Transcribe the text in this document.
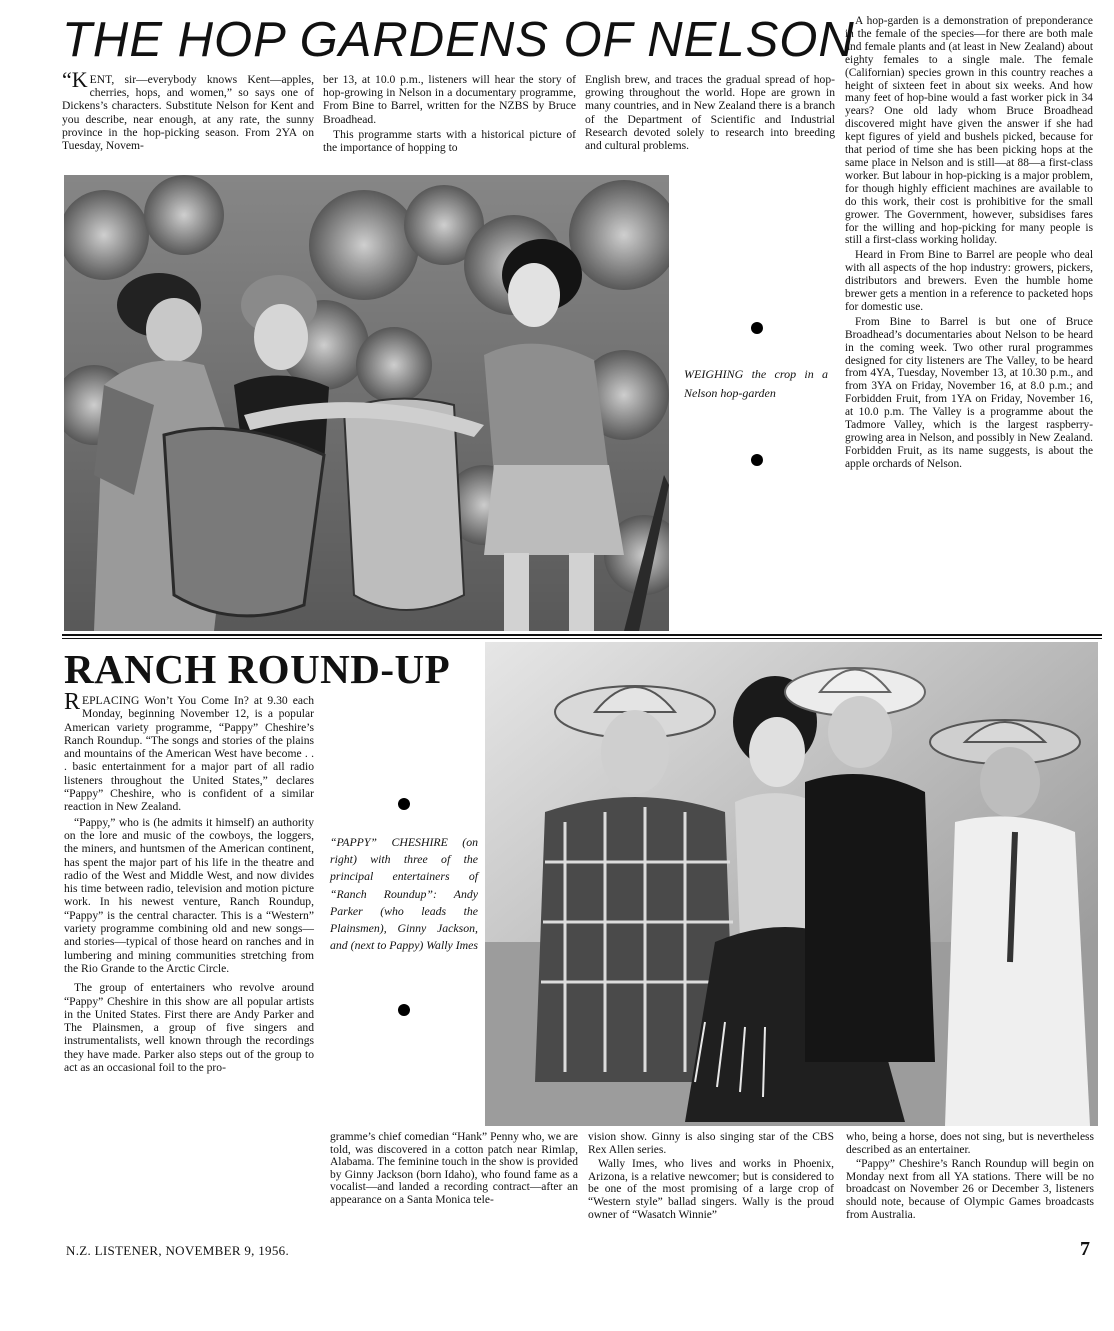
THE HOP GARDENS OF NELSON

“KENT, sir—everybody knows Kent—apples, cherries, hops, and women,” so says one of Dickens’s characters. Substitute Nelson for Kent and you describe, near enough, at any rate, the sunny province in the hop-picking season. From 2YA on Tuesday, Novem-

ber 13, at 10.0 p.m., listeners will hear the story of hop-growing in Nelson in a documentary programme, From Bine to Barrel, written for the NZBS by Bruce Broadhead.

This programme starts with a historical picture of the importance of hopping to

English brew, and traces the gradual spread of hop-growing throughout the world. Hope are grown in many countries, and in New Zealand there is a branch of the Department of Scientific and Industrial Research devoted solely to research into breeding and cultural problems.

A hop-garden is a demonstration of preponderance in the female of the species—for there are both male and female plants and (at least in New Zealand) about eighty females to a single male. The female (Californian) species grown in this country reaches a height of sixteen feet in about six weeks. And how many feet of hop-bine would a fast worker pick in 34 years? One old lady whom Bruce Broadhead discovered might have given the answer if she had kept figures of yield and bushels picked, because for that period of time she has been picking hops at the same place in Nelson and is still—at 88—a first-class worker. But labour in hop-picking is a major problem, for though highly efficient machines are available to do this work, their cost is prohibitive for the small grower. The Government, however, subsidises fares for the willing and hop-picking for many people is still a first-class working holiday.

Heard in From Bine to Barrel are people who deal with all aspects of the hop industry: growers, pickers, distributors and brewers. Even the humble home brewer gets a mention in a reference to packeted hops for domestic use.

From Bine to Barrel is but one of Bruce Broadhead’s documentaries about Nelson to be heard in the coming week. Two other rural programmes designed for city listeners are The Valley, to be heard from 4YA, Tuesday, November 13, at 10.30 p.m., and from 3YA on Friday, November 16, at 8.0 p.m.; and Forbidden Fruit, from 1YA on Friday, November 16, at 10.0 p.m. The Valley is a programme about the Tadmore Valley, which is the largest raspberry-growing area in Nelson, and possibly in New Zealand. Forbidden Fruit, as its name suggests, is about the apple orchards of Nelson.

WEIGHING the crop in a Nelson hop-garden
RANCH ROUND-UP

REPLACING Won’t You Come In? at 9.30 each Monday, beginning November 12, is a popular American variety programme, “Pappy” Cheshire’s Ranch Roundup. “The songs and stories of the plains and mountains of the American West have become . . . basic entertainment for a major part of all radio listeners throughout the United States,” declares “Pappy” Cheshire, who is confident of a similar reaction in New Zealand.

“Pappy,” who is (he admits it himself) an authority on the lore and music of the cowboys, the loggers, the miners, and huntsmen of the American continent, has spent the major part of his life in the theatre and radio of the West and Middle West, and now divides his time between radio, television and motion picture work. In his newest venture, Ranch Roundup, “Pappy” is the central character. This is a “Western” variety programme combining old and new songs—and stories—typical of those heard on ranches and in lumbering and mining communities stretching from the Rio Grande to the Arctic Circle.

The group of entertainers who revolve around “Pappy” Cheshire in this show are all popular artists in the United States. First there are Andy Parker and The Plainsmen, a group of five singers and instrumentalists, well known through the recordings they have made. Parker also steps out of the group to act as an occasional foil to the pro-

“PAPPY” CHESHIRE (on right) with three of the principal entertainers of “Ranch Roundup”: Andy Parker (who leads the Plainsmen), Ginny Jackson, and (next to Pappy) Wally Imes

gramme’s chief comedian “Hank” Penny who, we are told, was discovered in a cotton patch near Rimlap, Alabama. The feminine touch in the show is provided by Ginny Jackson (born Idaho), who found fame as a vocalist—and landed a recording contract—after an appearance on a Santa Monica tele-

vision show. Ginny is also singing star of the CBS Rex Allen series.

Wally Imes, who lives and works in Phoenix, Arizona, is a relative newcomer; but is considered to be one of the most promising of a large crop of “Western style” ballad singers. Wally is the proud owner of “Wasatch Winnie”

who, being a horse, does not sing, but is nevertheless described as an entertainer.

“Pappy” Cheshire’s Ranch Roundup will begin on Monday next from all YA stations. There will be no broadcast on November 26 or December 3, listeners should note, because of Olympic Games broadcasts from Australia.

N.Z. LISTENER, NOVEMBER 9, 1956.	7
